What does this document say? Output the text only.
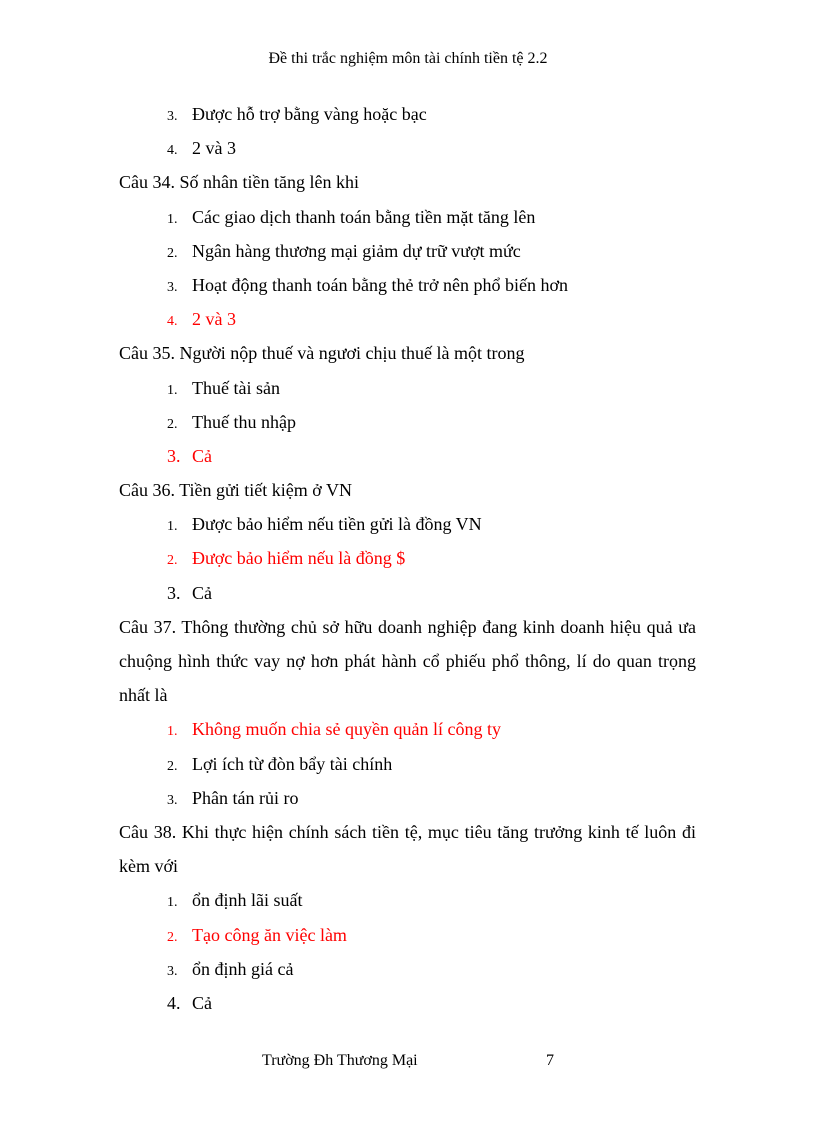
Đề thi trắc nghiệm môn tài chính tiền tệ 2.2
3. Được hỗ trợ bằng vàng hoặc bạc
4. 2 và 3
Câu 34. Số nhân tiền tăng lên khi
1. Các giao dịch thanh toán bằng tiền mặt tăng lên
2. Ngân hàng thương mại giảm dự trữ vượt mức
3. Hoạt động thanh toán bằng thẻ trở nên phổ biến hơn
4. 2 và 3
Câu 35. Người nộp thuế và ngươi chịu thuế là một trong
1. Thuế tài sản
2. Thuế thu nhập
3. Cả
Câu 36. Tiền gửi tiết kiệm ở VN
1. Được bảo hiểm nếu tiền gửi là đồng VN
2. Được bảo hiểm nếu là đồng $
3. Cả
Câu 37. Thông thường chủ sở hữu doanh nghiệp đang kinh doanh hiệu quả ưa chuộng hình thức vay nợ hơn phát hành cổ phiếu phổ thông, lí do quan trọng nhất là
1. Không muốn chia sẻ quyền quản lí công ty
2. Lợi ích từ đòn bẩy tài chính
3. Phân tán rủi ro
Câu 38. Khi thực hiện chính sách tiền tệ, mục tiêu tăng trưởng kinh tế luôn đi kèm với
1. ổn định lãi suất
2. Tạo công ăn việc làm
3. ổn định giá cả
4. Cả
Trường Đh Thương Mại	7
